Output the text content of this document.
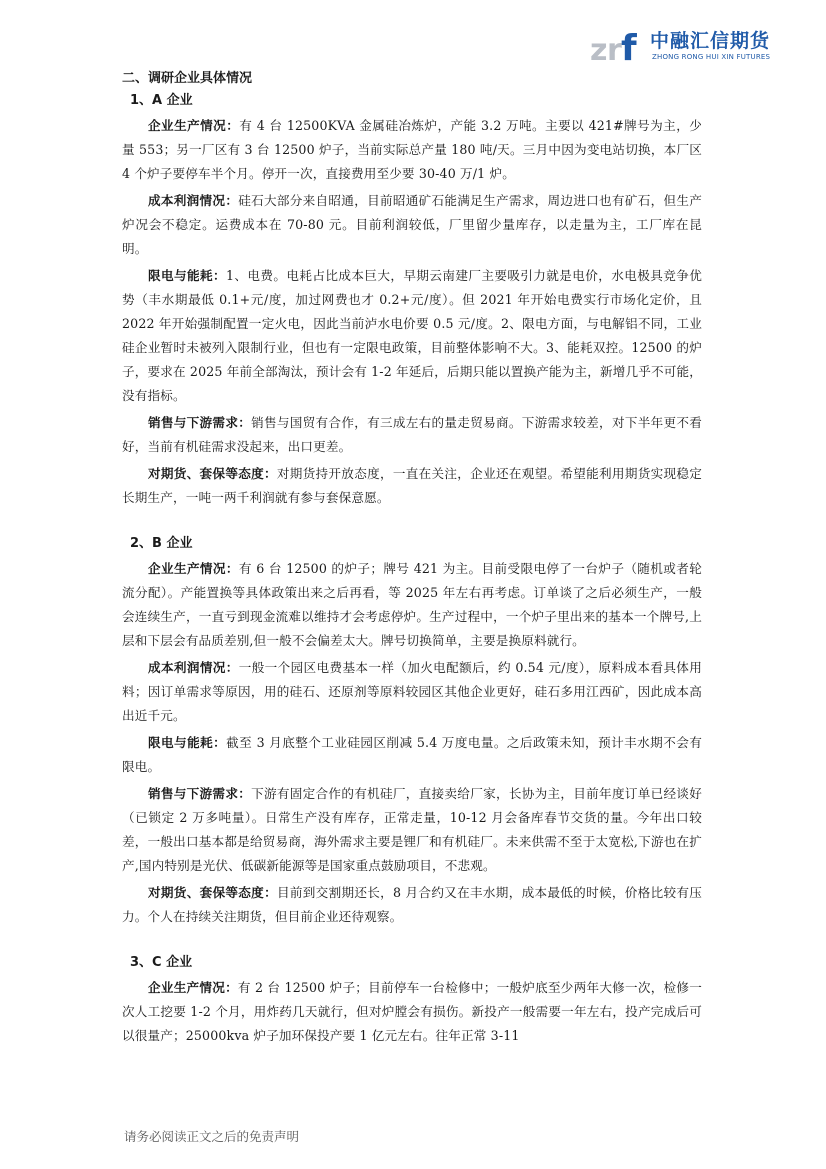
z r f 中融汇信期货
ZHONG RONG HUI XIN FUTURES

二、调研企业具体情况

1、A 企业

企业生产情况：有 4 台 12500KVA 金属硅冶炼炉，产能 3.2 万吨。主要以 421#牌号为主，少量 553；另一厂区有 3 台 12500 炉子，当前实际总产量 180 吨/天。三月中因为变电站切换，本厂区 4 个炉子要停车半个月。停开一次，直接费用至少要 30-40 万/1 炉。

成本利润情况：硅石大部分来自昭通，目前昭通矿石能满足生产需求，周边进口也有矿石，但生产炉况会不稳定。运费成本在 70-80 元。目前利润较低，厂里留少量库存，以走量为主，工厂库在昆明。

限电与能耗：1、电费。电耗占比成本巨大，早期云南建厂主要吸引力就是电价，水电极具竞争优势（丰水期最低 0.1+元/度，加过网费也才 0.2+元/度）。但 2021 年开始电费实行市场化定价，且 2022 年开始强制配置一定火电，因此当前泸水电价要 0.5 元/度。2、限电方面，与电解铝不同，工业硅企业暂时未被列入限制行业，但也有一定限电政策，目前整体影响不大。3、能耗双控。12500 的炉子，要求在 2025 年前全部淘汰，预计会有 1-2 年延后，后期只能以置换产能为主，新增几乎不可能，没有指标。

销售与下游需求：销售与国贸有合作，有三成左右的量走贸易商。下游需求较差，对下半年更不看好，当前有机硅需求没起来，出口更差。

对期货、套保等态度：对期货持开放态度，一直在关注，企业还在观望。希望能利用期货实现稳定长期生产，一吨一两千利润就有参与套保意愿。

2、B 企业

企业生产情况：有 6 台 12500 的炉子；牌号 421 为主。目前受限电停了一台炉子（随机或者轮流分配）。产能置换等具体政策出来之后再看，等 2025 年左右再考虑。订单谈了之后必须生产，一般会连续生产，一直亏到现金流难以维持才会考虑停炉。生产过程中，一个炉子里出来的基本一个牌号,上层和下层会有品质差别,但一般不会偏差太大。牌号切换简单，主要是换原料就行。

成本利润情况：一般一个园区电费基本一样（加火电配额后，约 0.54 元/度），原料成本看具体用料；因订单需求等原因，用的硅石、还原剂等原料较园区其他企业更好，硅石多用江西矿，因此成本高出近千元。

限电与能耗：截至 3 月底整个工业硅园区削减 5.4 万度电量。之后政策未知，预计丰水期不会有限电。

销售与下游需求：下游有固定合作的有机硅厂，直接卖给厂家，长协为主，目前年度订单已经谈好（已锁定 2 万多吨量）。日常生产没有库存，正常走量，10-12 月会备库春节交货的量。今年出口较差，一般出口基本都是给贸易商，海外需求主要是锂厂和有机硅厂。未来供需不至于太宽松,下游也在扩产,国内特别是光伏、低碳新能源等是国家重点鼓励项目，不悲观。

对期货、套保等态度：目前到交割期还长，8 月合约又在丰水期，成本最低的时候，价格比较有压力。个人在持续关注期货，但目前企业还待观察。

3、C 企业

企业生产情况：有 2 台 12500 炉子；目前停车一台检修中；一般炉底至少两年大修一次，检修一次人工挖要 1-2 个月，用炸药几天就行，但对炉膛会有损伤。新投产一般需要一年左右，投产完成后可以很量产；25000kva 炉子加环保投产要 1 亿元左右。往年正常 3-11

请务必阅读正文之后的免责声明
